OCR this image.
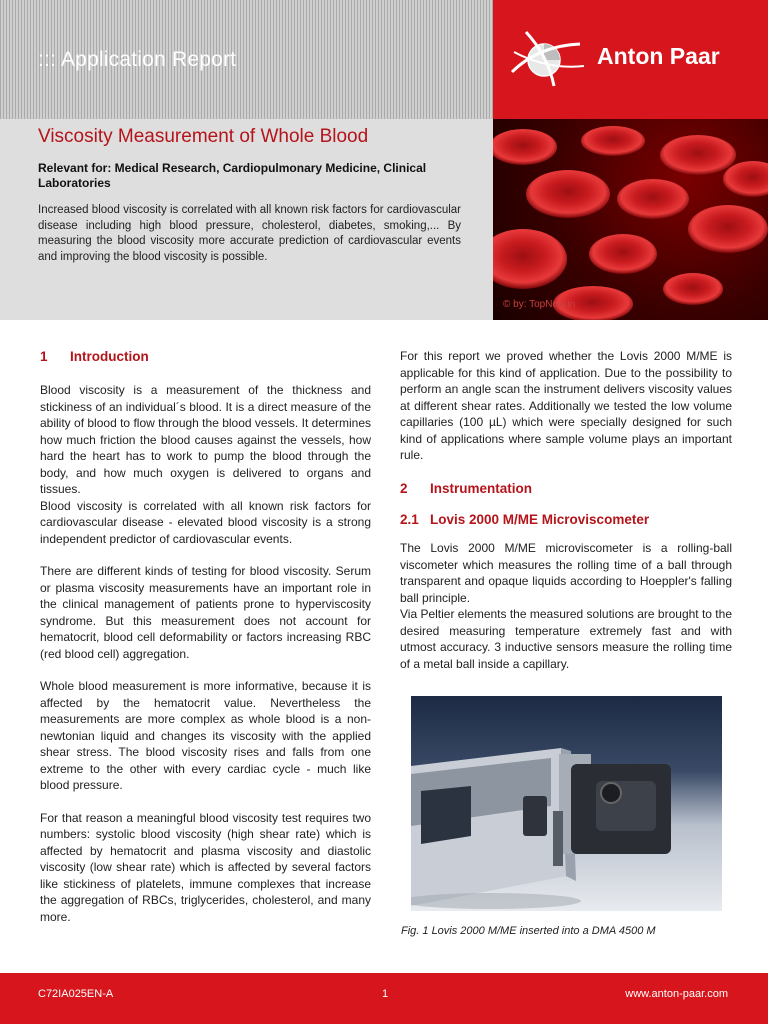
::: Application Report	Anton Paar
Viscosity Measurement of Whole Blood
Relevant for: Medical Research, Cardiopulmonary Medicine, Clinical Laboratories
Increased blood viscosity is correlated with all known risk factors for cardiovascular disease including high blood pressure, cholesterol, diabetes, smoking,... By measuring the blood viscosity more accurate prediction of cardiovascular events and improving the blood viscosity is possible.
© by: TopNew.in
1 Introduction

Blood viscosity is a measurement of the thickness and stickiness of an individual´s blood. It is a direct measure of the ability of blood to flow through the blood vessels. It determines how much friction the blood causes against the vessels, how hard the heart has to work to pump the blood through the body, and how much oxygen is delivered to organs and tissues.

Blood viscosity is correlated with all known risk factors for cardiovascular disease - elevated blood viscosity is a strong independent predictor of cardiovascular events.

There are different kinds of testing for blood viscosity. Serum or plasma viscosity measurements have an important role in the clinical management of patients prone to hyperviscosity syndrome. But this measurement does not account for hematocrit, blood cell deformability or factors increasing RBC (red blood cell) aggregation.

Whole blood measurement is more informative, because it is affected by the hematocrit value. Nevertheless the measurements are more complex as whole blood is a non-newtonian liquid and changes its viscosity with the applied shear stress. The blood viscosity rises and falls from one extreme to the other with every cardiac cycle - much like blood pressure.

For that reason a meaningful blood viscosity test requires two numbers: systolic blood viscosity (high shear rate) which is affected by hematocrit and plasma viscosity and diastolic viscosity (low shear rate) which is affected by several factors like stickiness of platelets, immune complexes that increase the aggregation of RBCs, triglycerides, cholesterol, and many more.

For this report we proved whether the Lovis 2000 M/ME is applicable for this kind of application. Due to the possibility to perform an angle scan the instrument delivers viscosity values at different shear rates. Additionally we tested the low volume capillaries (100 µL) which were specially designed for such kind of applications where sample volume plays an important rule.

2 Instrumentation
2.1 Lovis 2000 M/ME Microviscometer

The Lovis 2000 M/ME microviscometer is a rolling-ball viscometer which measures the rolling time of a ball through transparent and opaque liquids according to Hoeppler's falling ball principle.

Via Peltier elements the measured solutions are brought to the desired measuring temperature extremely fast and with utmost accuracy. 3 inductive sensors measure the rolling time of a metal ball inside a capillary.

Fig. 1 Lovis 2000 M/ME inserted into a DMA 4500 M
C72IA025EN-A	1	www.anton-paar.com
